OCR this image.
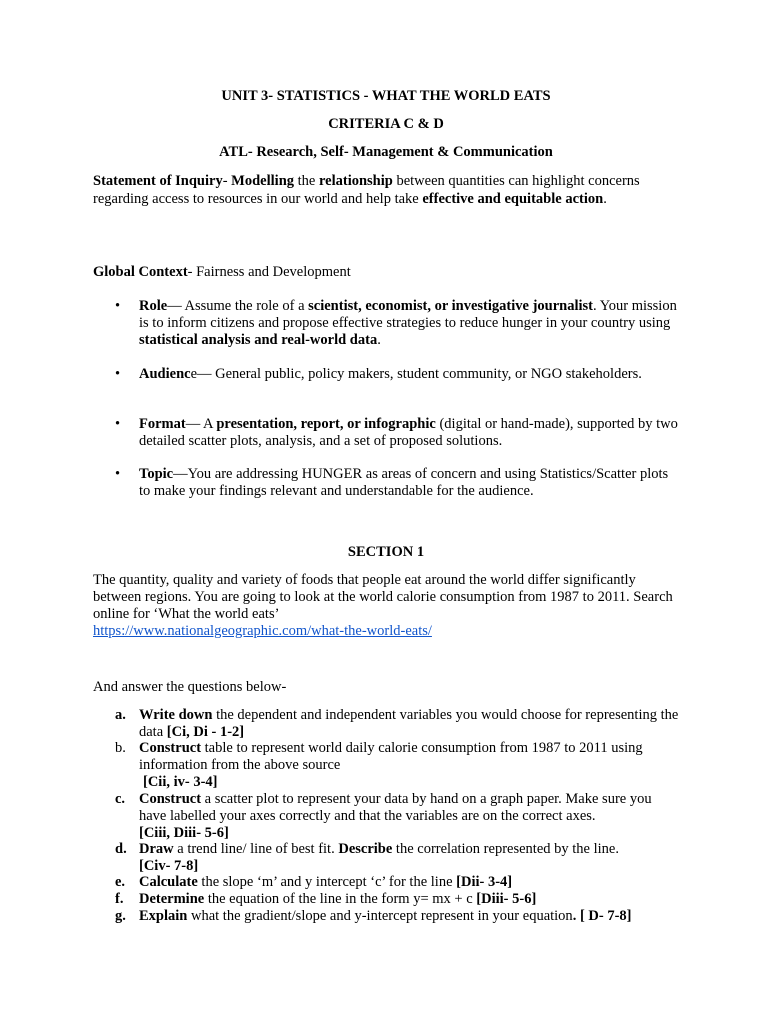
UNIT 3- STATISTICS - WHAT THE WORLD EATS
CRITERIA C & D
ATL- Research, Self- Management & Communication
Statement of Inquiry- Modelling the relationship between quantities can highlight concerns regarding access to resources in our world and help take effective and equitable action.
Global Context- Fairness and Development
• Role— Assume the role of a scientist, economist, or investigative journalist. Your mission is to inform citizens and propose effective strategies to reduce hunger in your country using statistical analysis and real-world data.
• Audience— General public, policy makers, student community, or NGO stakeholders.
• Format— A presentation, report, or infographic (digital or hand-made), supported by two detailed scatter plots, analysis, and a set of proposed solutions.
• Topic—You are addressing HUNGER as areas of concern and using Statistics/Scatter plots to make your findings relevant and understandable for the audience.
SECTION 1
The quantity, quality and variety of foods that people eat around the world differ significantly between regions. You are going to look at the world calorie consumption from 1987 to 2011. Search online for ‘What the world eats’
https://www.nationalgeographic.com/what-the-world-eats/
And answer the questions below-
a. Write down the dependent and independent variables you would choose for representing the data [Ci, Di - 1-2]
b. Construct table to represent world daily calorie consumption from 1987 to 2011 using information from the above source
[Cii, iv- 3-4]
c. Construct a scatter plot to represent your data by hand on a graph paper. Make sure you have labelled your axes correctly and that the variables are on the correct axes.
[Ciii, Diii- 5-6]
d. Draw a trend line/ line of best fit. Describe the correlation represented by the line.
[Civ- 7-8]
e. Calculate the slope ‘m’ and y intercept ‘c’ for the line [Dii- 3-4]
f. Determine the equation of the line in the form y= mx + c [Diii- 5-6]
g. Explain what the gradient/slope and y-intercept represent in your equation. [ D- 7-8]
